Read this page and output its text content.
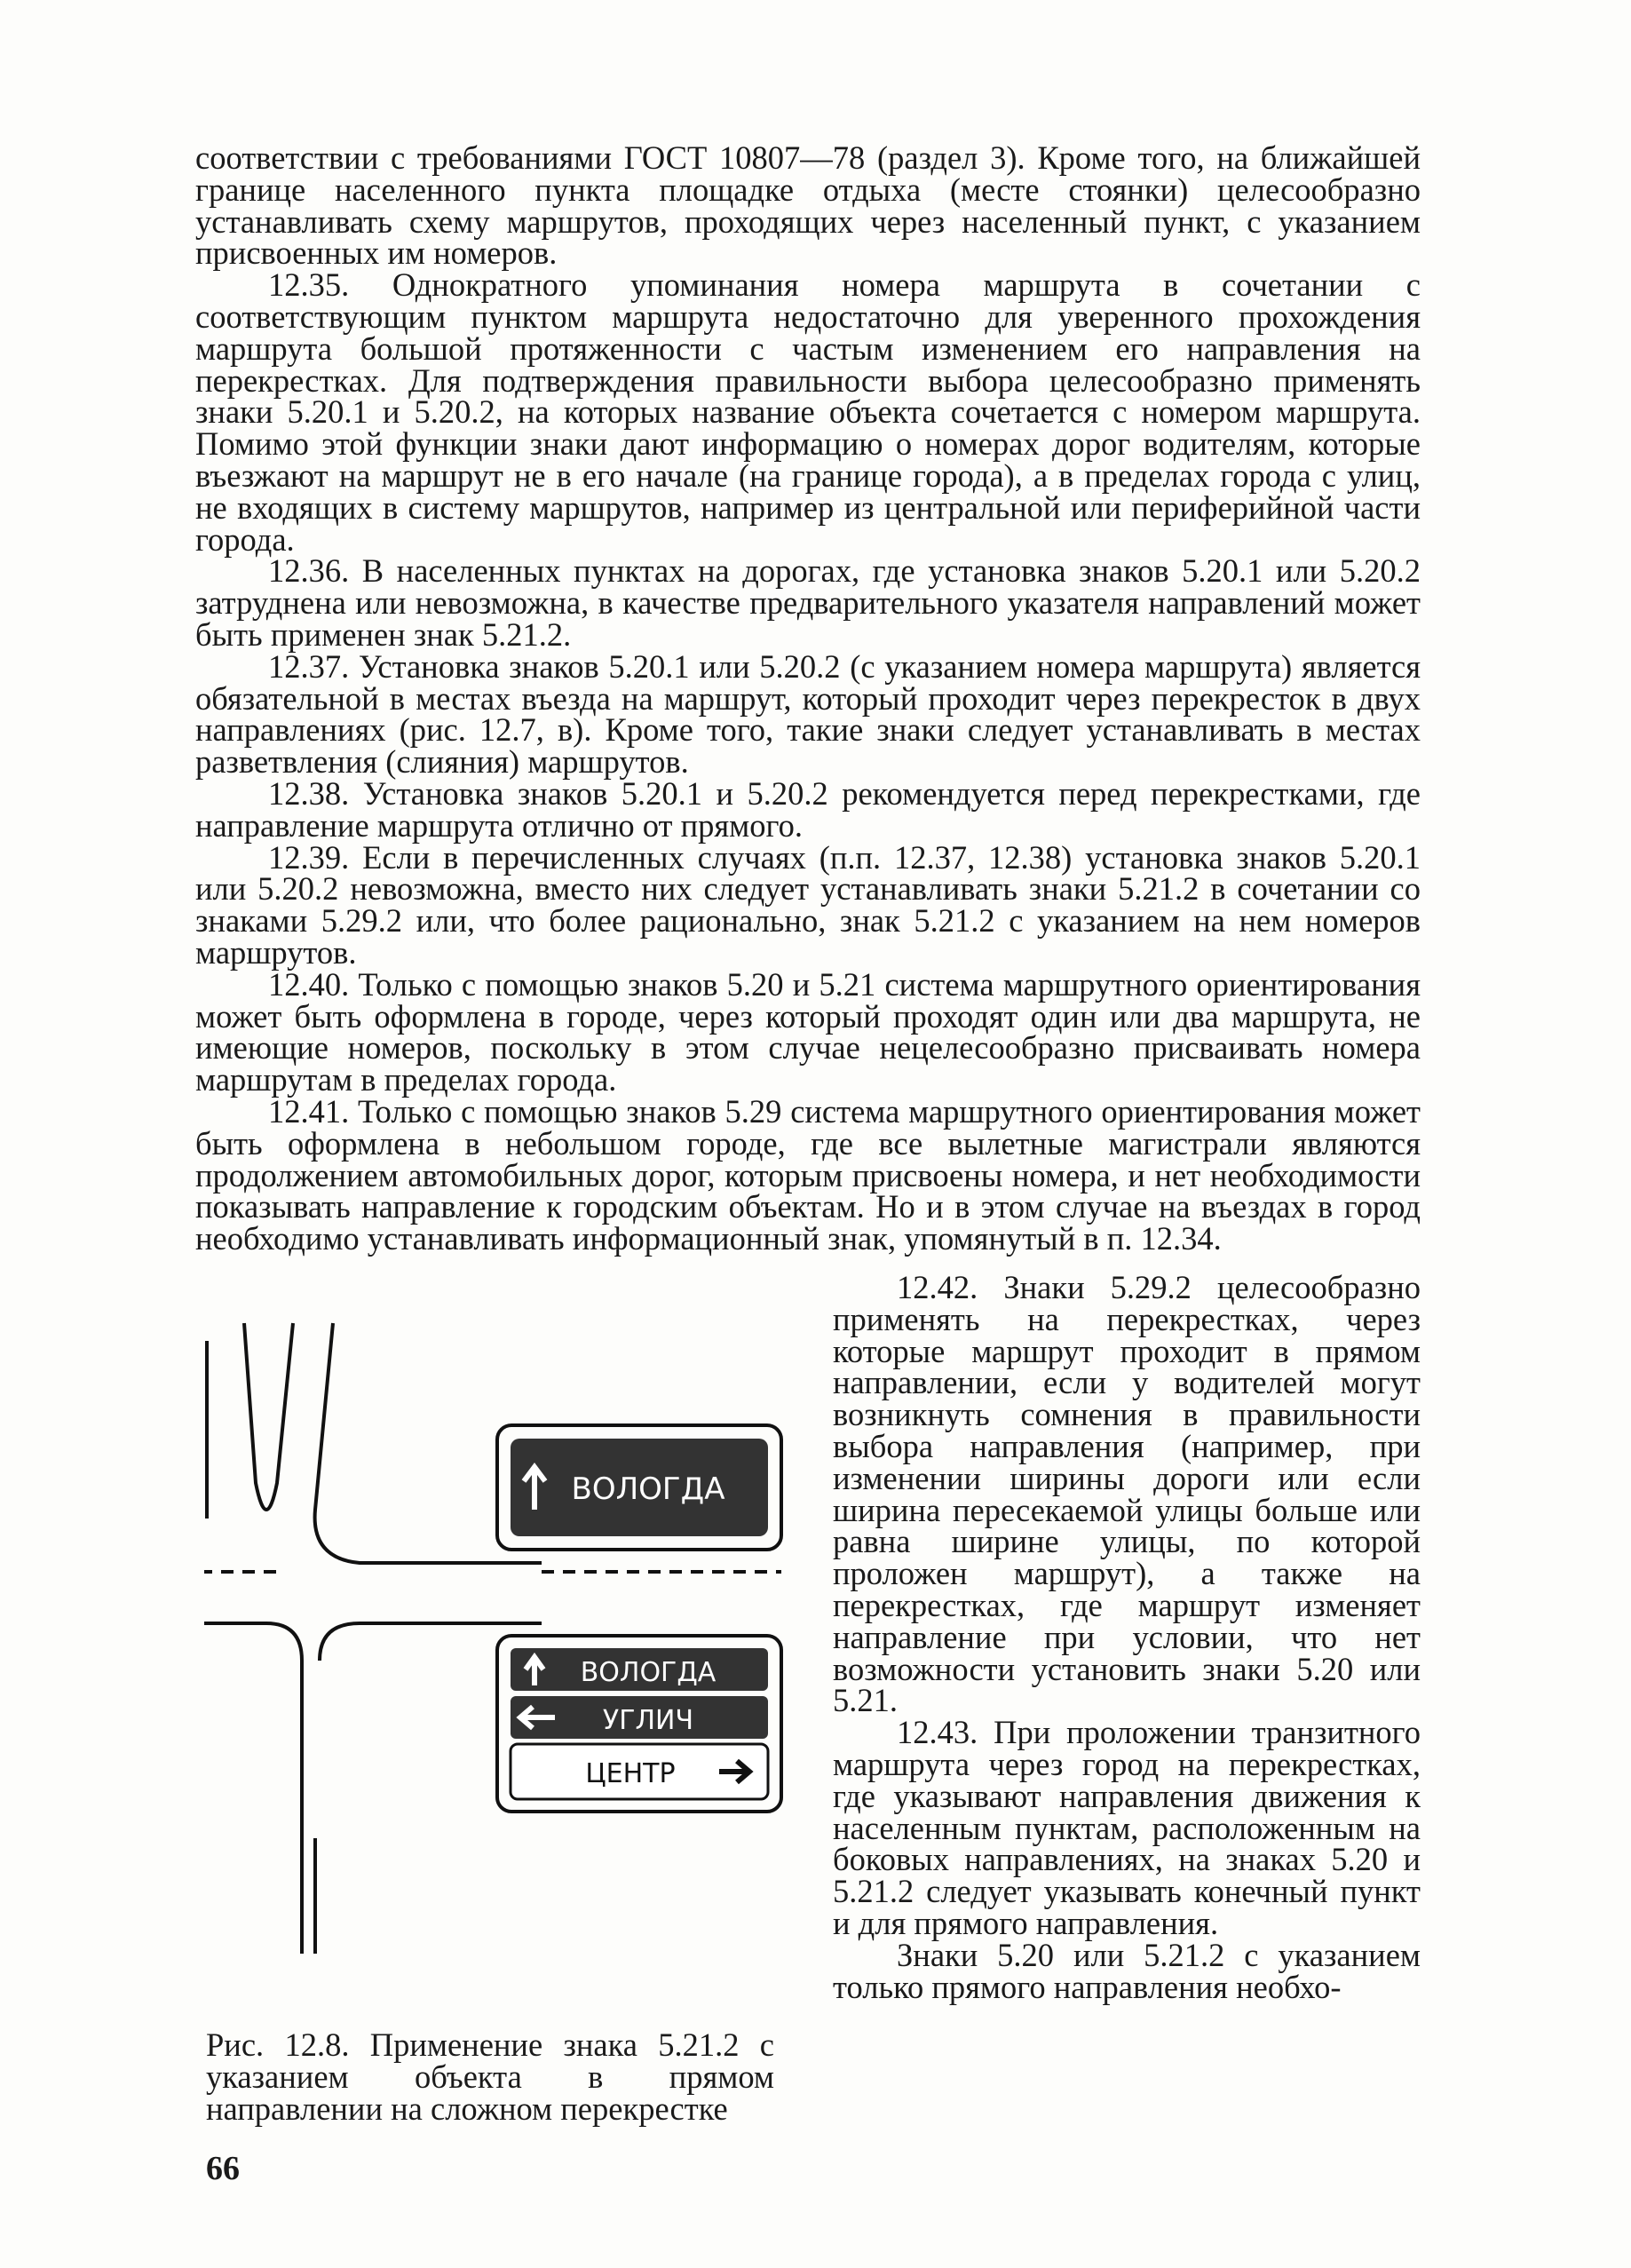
соответствии с требованиями ГОСТ 10807—78 (раздел 3). Кроме того, на ближайшей границе населенного пункта площадке отдыха (месте стоянки) целесообразно устанавливать схему маршрутов, проходящих через населенный пункт, с указанием присвоенных им номеров.

12.35. Однократного упоминания номера маршрута в сочетании с соответствующим пунктом маршрута недостаточно для уверенного прохождения маршрута большой протяженности с частым изменением его направления на перекрестках. Для подтверждения правильности выбора целесообразно применять знаки 5.20.1 и 5.20.2, на которых название объекта сочетается с номером маршрута. Помимо этой функции знаки дают информацию о номерах дорог водителям, которые въезжают на маршрут не в его начале (на границе города), а в пределах города с улиц, не входящих в систему маршрутов, например из центральной или периферийной части города.

12.36. В населенных пунктах на дорогах, где установка знаков 5.20.1 или 5.20.2 затруднена или невозможна, в качестве предварительного указателя направлений может быть применен знак 5.21.2.

12.37. Установка знаков 5.20.1 или 5.20.2 (с указанием номера маршрута) является обязательной в местах въезда на маршрут, который проходит через перекресток в двух направлениях (рис. 12.7, в). Кроме того, такие знаки следует устанавливать в местах разветвления (слияния) маршрутов.

12.38. Установка знаков 5.20.1 и 5.20.2 рекомендуется перед перекрестками, где направление маршрута отлично от прямого.

12.39. Если в перечисленных случаях (п.п. 12.37, 12.38) установка знаков 5.20.1 или 5.20.2 невозможна, вместо них следует устанавливать знаки 5.21.2 в сочетании со знаками 5.29.2 или, что более рационально, знак 5.21.2 с указанием на нем номеров маршрутов.

12.40. Только с помощью знаков 5.20 и 5.21 система маршрутного ориентирования может быть оформлена в городе, через который проходят один или два маршрута, не имеющие номеров, поскольку в этом случае нецелесообразно присваивать номера маршрутам в пределах города.

12.41. Только с помощью знаков 5.29 система маршрутного ориентирования может быть оформлена в небольшом городе, где все вылетные магистрали являются продолжением автомобильных дорог, которым присвоены номера, и нет необходимости показывать направление к городским объектам. Но и в этом случае на въездах в город необходимо устанавливать информационный знак, упомянутый в п. 12.34.

ВОЛОГДА
ВОЛОГДА
УГЛИЧ
ЦЕНТР

12.42. Знаки 5.29.2 целесообразно применять на перекрестках, через которые маршрут проходит в прямом направлении, если у водителей могут возникнуть сомнения в правильности выбора направления (например, при изменении ширины дороги или если ширина пересекаемой улицы больше или равна ширине улицы, по которой проложен маршрут), а также на перекрестках, где маршрут изменяет направление при условии, что нет возможности установить знаки 5.20 или 5.21.

12.43. При проложении транзитного маршрута через город на перекрестках, где указывают направления движения к населенным пунктам, расположенным на боковых направлениях, на знаках 5.20 и 5.21.2 следует указывать конечный пункт и для прямого направления.

Знаки 5.20 или 5.21.2 с указанием только прямого направления необхо-

Рис. 12.8. Применение знака 5.21.2 с указанием объекта в прямом направлении на сложном перекрестке
66
